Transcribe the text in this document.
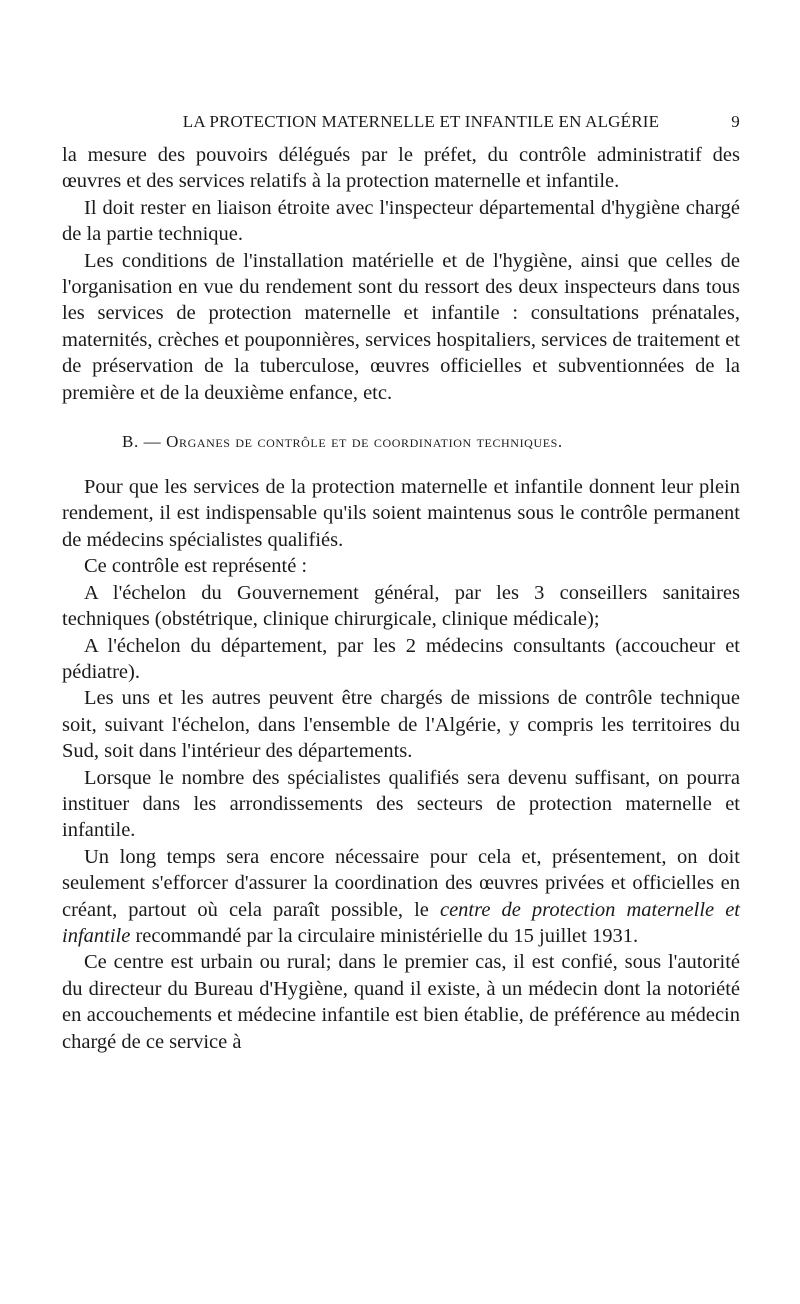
LA PROTECTION MATERNELLE ET INFANTILE EN ALGÉRIE	9

la mesure des pouvoirs délégués par le préfet, du contrôle administratif des œuvres et des services relatifs à la protection maternelle et infantile.

Il doit rester en liaison étroite avec l'inspecteur départemental d'hygiène chargé de la partie technique.

Les conditions de l'installation matérielle et de l'hygiène, ainsi que celles de l'organisation en vue du rendement sont du ressort des deux inspecteurs dans tous les services de protection maternelle et infantile : consultations prénatales, maternités, crèches et pouponnières, services hospitaliers, services de traitement et de préservation de la tuberculose, œuvres officielles et subventionnées de la première et de la deuxième enfance, etc.

B. — Organes de contrôle et de coordination techniques.

Pour que les services de la protection maternelle et infantile donnent leur plein rendement, il est indispensable qu'ils soient maintenus sous le contrôle permanent de médecins spécialistes qualifiés.

Ce contrôle est représenté :

A l'échelon du Gouvernement général, par les 3 conseillers sanitaires techniques (obstétrique, clinique chirurgicale, clinique médicale);

A l'échelon du département, par les 2 médecins consultants (accoucheur et pédiatre).

Les uns et les autres peuvent être chargés de missions de contrôle technique soit, suivant l'échelon, dans l'ensemble de l'Algérie, y compris les territoires du Sud, soit dans l'intérieur des départements.

Lorsque le nombre des spécialistes qualifiés sera devenu suffisant, on pourra instituer dans les arrondissements des secteurs de protection maternelle et infantile.

Un long temps sera encore nécessaire pour cela et, présentement, on doit seulement s'efforcer d'assurer la coordination des œuvres privées et officielles en créant, partout où cela paraît possible, le centre de protection maternelle et infantile recommandé par la circulaire ministérielle du 15 juillet 1931.

Ce centre est urbain ou rural; dans le premier cas, il est confié, sous l'autorité du directeur du Bureau d'Hygiène, quand il existe, à un médecin dont la notoriété en accouchements et médecine infantile est bien établie, de préférence au médecin chargé de ce service à
